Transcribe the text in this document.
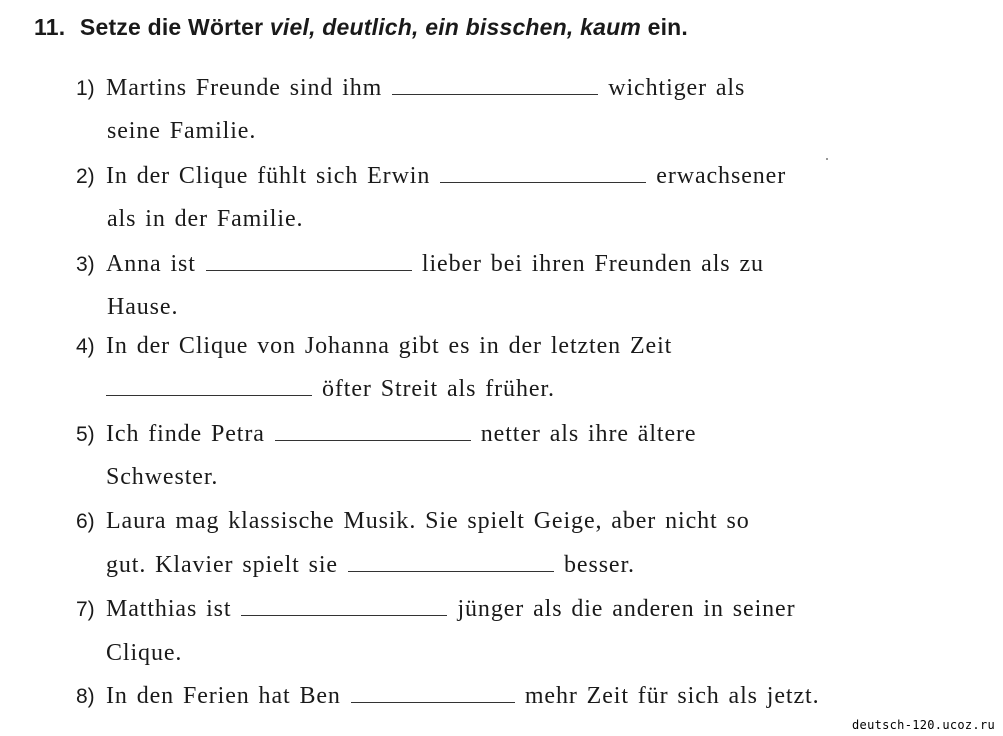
11. Setze die Wörter viel, deutlich, ein bisschen, kaum ein.
1) Martins Freunde sind ihm	wichtiger als
seine Familie.
2) In der Clique fühlt sich Erwin	erwachsener
als in der Familie.
3) Anna ist	lieber bei ihren Freunden als zu
Hause.
4) In der Clique von Johanna gibt es in der letzten Zeit
öfter Streit als früher.
5) Ich finde Petra	netter als ihre ältere
Schwester.
6) Laura mag klassische Musik. Sie spielt Geige, aber nicht so
gut. Klavier spielt sie	besser.
7) Matthias ist	jünger als die anderen in seiner
Clique.
8) In den Ferien hat Ben	mehr Zeit für sich als jetzt.
deutsch-120.ucoz.ru
